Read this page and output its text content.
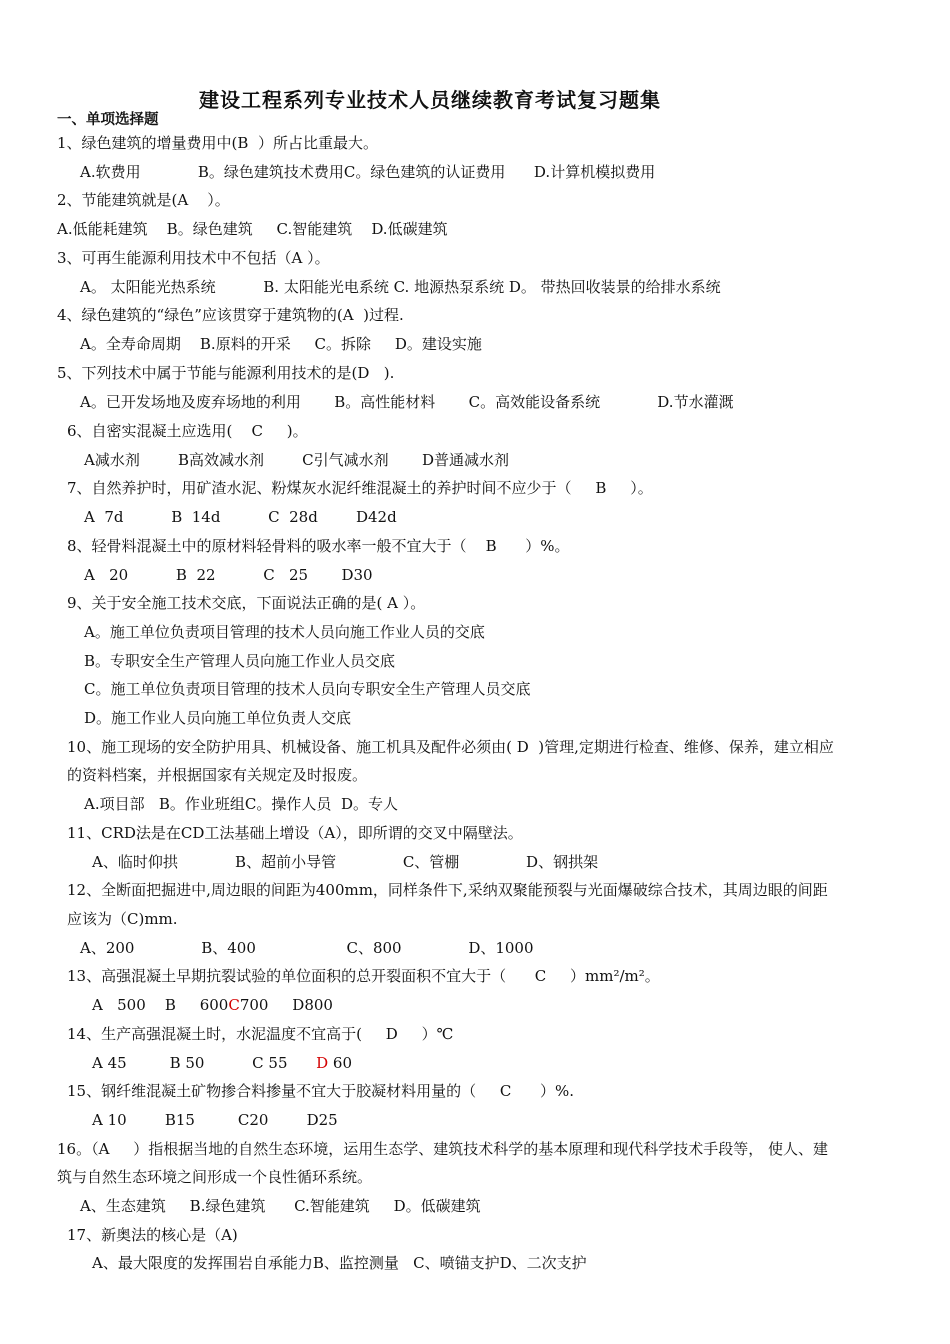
建设工程系列专业技术人员继续教育考试复习题集
一、单项选择题
1、绿色建筑的增量费用中(B  ）所占比重最大。
A.软费用            B。绿色建筑技术费用C。绿色建筑的认证费用      D.计算机模拟费用
2、节能建筑就是(A    ）。
A.低能耗建筑    B。绿色建筑     C.智能建筑    D.低碳建筑
3、可再生能源利用技术中不包括（A ）。
A。 太阳能光热系统          B. 太阳能光电系统 C. 地源热泵系统 D。 带热回收装景的给排水系统
4、绿色建筑的“绿色”应该贯穿于建筑物的(A  )过程.
A。全寿命周期    B.原料的开采     C。拆除     D。建设实施
5、下列技术中属于节能与能源利用技术的是(D   ).
A。已开发场地及废弃场地的利用       B。高性能材料       C。高效能设备系统            D.节水灌溉
6、自密实混凝土应选用(    C     )。
A减水剂        B高效减水剂        C引气减水剂       D普通减水剂
7、自然养护时，用矿渣水泥、粉煤灰水泥纤维混凝土的养护时间不应少于（     B     ）。
A  7d          B  14d          C  28d        D42d
8、轻骨料混凝土中的原材料轻骨料的吸水率一般不宜大于（    B      ）%。
A   20          B  22          C   25       D30
9、关于安全施工技术交底，下面说法正确的是( A ）。
A。施工单位负责项目管理的技术人员向施工作业人员的交底
B。专职安全生产管理人员向施工作业人员交底
C。施工单位负责项目管理的技术人员向专职安全生产管理人员交底
D。施工作业人员向施工单位负责人交底
10、施工现场的安全防护用具、机械设备、施工机具及配件必须由( D  )管理,定期进行检查、维修、保养，建立相应
的资料档案，并根据国家有关规定及时报废。
A.项目部   B。作业班组C。操作人员  D。专人
11、CRD法是在CD工法基础上增设（A），即所谓的交叉中隔壁法。
A、临时仰拱            B、超前小导管              C、管棚              D、钢拱架
12、全断面把掘进中,周边眼的间距为400mm，同样条件下,采纳双聚能预裂与光面爆破综合技术，其周边眼的间距
应该为（C)mm.
A、200              B、400                   C、800              D、1000
13、高强混凝土早期抗裂试验的单位面积的总开裂面积不宜大于（      C     ）mm²/m²。
A   500    B     600C700     D800
14、生产高强混凝土时，水泥温度不宜高于(     D     ）℃
A 45         B 50          C 55 D 60
15、钢纤维混凝土矿物掺合料掺量不宜大于胶凝材料用量的（     C      ）%.
A 10        B15         C20        D25
16。（A     ）指根据当地的自然生态环境，运用生态学、建筑技术科学的基本原理和现代科学技术手段等， 使人、建
筑与自然生态环境之间形成一个良性循环系统。
A、生态建筑     B.绿色建筑      C.智能建筑     D。低碳建筑
17、新奥法的核心是（A)
A、最大限度的发挥围岩自承能力B、监控测量   C、喷锚支护D、二次支护
